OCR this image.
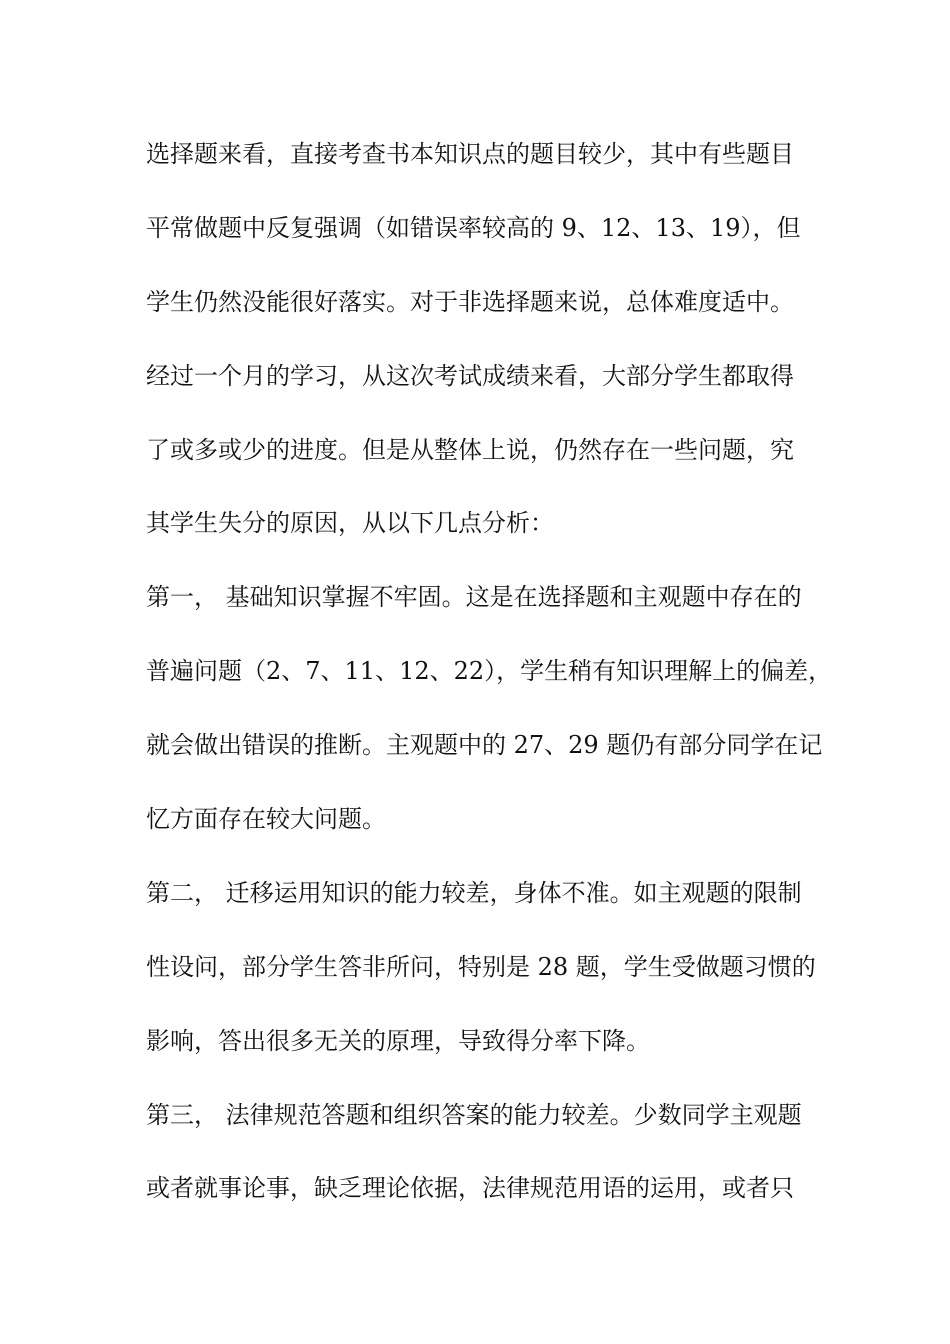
选择题来看，直接考查书本知识点的题目较少，其中有些题目
平常做题中反复强调（如错误率较高的 9、12、13、19），但
学生仍然没能很好落实。对于非选择题来说，总体难度适中。
经过一个月的学习，从这次考试成绩来看，大部分学生都取得
了或多或少的进度。但是从整体上说，仍然存在一些问题，究
其学生失分的原因，从以下几点分析：
第一， 基础知识掌握不牢固。这是在选择题和主观题中存在的
普遍问题（2、7、11、12、22），学生稍有知识理解上的偏差，
就会做出错误的推断。主观题中的 27、29 题仍有部分同学在记
忆方面存在较大问题。
第二， 迁移运用知识的能力较差，身体不准。如主观题的限制
性设问，部分学生答非所问，特别是 28 题，学生受做题习惯的
影响，答出很多无关的原理，导致得分率下降。
第三， 法律规范答题和组织答案的能力较差。少数同学主观题
或者就事论事，缺乏理论依据，法律规范用语的运用，或者只
